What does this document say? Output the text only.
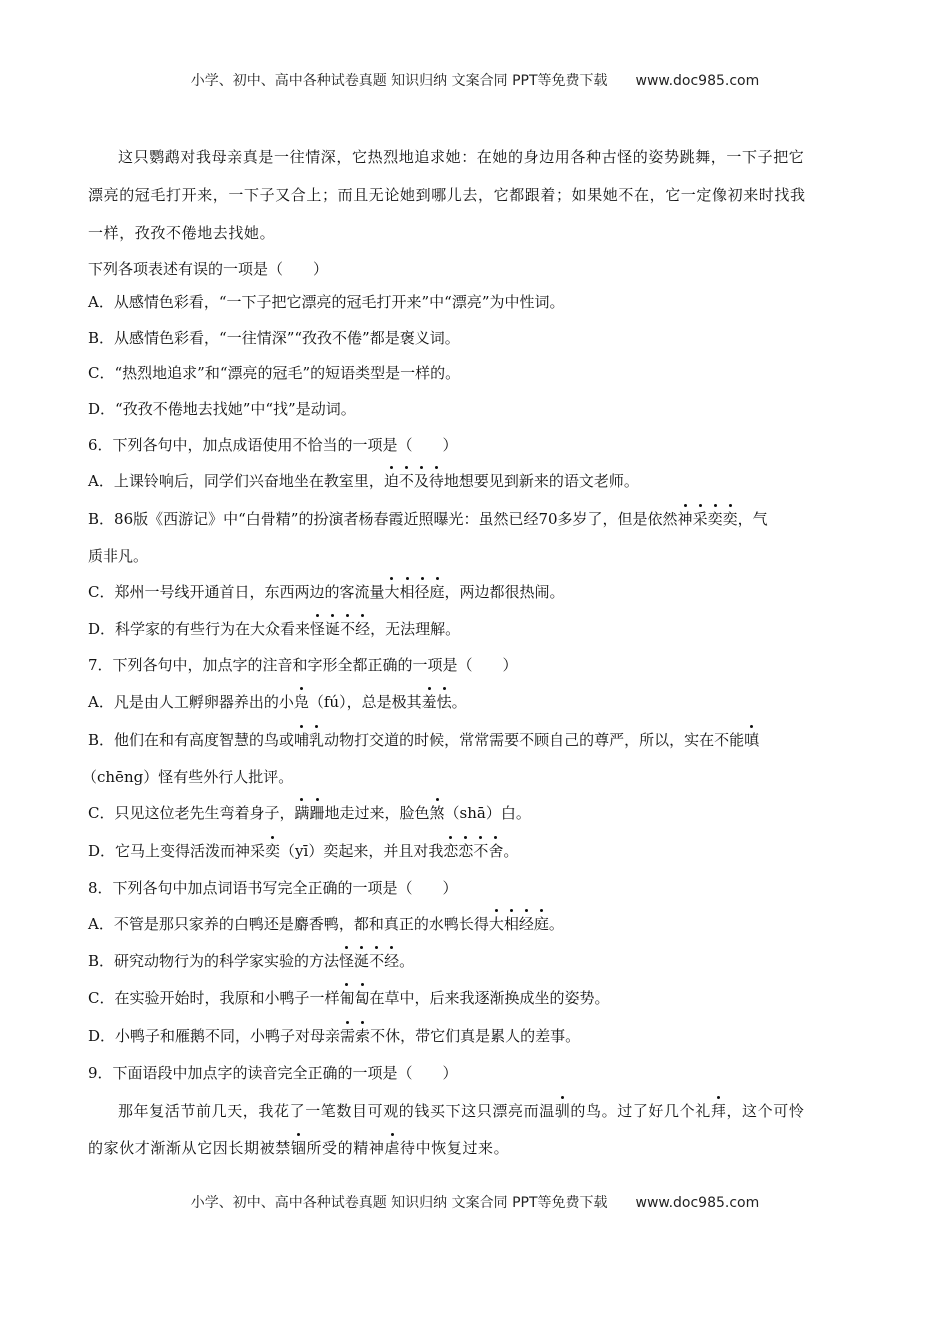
小学、初中、高中各种试卷真题 知识归纳 文案合同 PPT等免费下载 www.doc985.com
这只鹦鹉对我母亲真是一往情深，它热烈地追求她：在她的身边用各种古怪的姿势跳舞，一下子把它
漂亮的冠毛打开来，一下子又合上；而且无论她到哪儿去，它都跟着；如果她不在，它一定像初来时找我
一样，孜孜不倦地去找她。
下列各项表述有误的一项是（　　）
A．从感情色彩看，“一下子把它漂亮的冠毛打开来”中“漂亮”为中性词。
B．从感情色彩看，“一往情深”“孜孜不倦”都是褒义词。
C．“热烈地追求”和“漂亮的冠毛”的短语类型是一样的。
D．“孜孜不倦地去找她”中“找”是动词。
6．下列各句中，加点成语使用不恰当的一项是（　　）
A．上课铃响后，同学们兴奋地坐在教室里，迫不及待地想要见到新来的语文老师。
B．86版《西游记》中“白骨精”的扮演者杨春霞近照曝光：虽然已经70多岁了，但是依然神采奕奕，气
质非凡。
C．郑州一号线开通首日，东西两边的客流量大相径庭，两边都很热闹。
D．科学家的有些行为在大众看来怪诞不经，无法理解。
7．下列各句中，加点字的注音和字形全都正确的一项是（　　）
A．凡是由人工孵卵器养出的小凫（fú），总是极其羞怯。
B．他们在和有高度智慧的鸟或哺乳动物打交道的时候，常常需要不顾自己的尊严，所以，实在不能嗔
（chēng）怪有些外行人批评。
C．只见这位老先生弯着身子，蹒跚地走过来，脸色煞（shā）白。
D．它马上变得活泼而神采奕（yī）奕起来，并且对我恋恋不舍。
8．下列各句中加点词语书写完全正确的一项是（　　）
A．不管是那只家养的白鸭还是麝香鸭，都和真正的水鸭长得大相经庭。
B．研究动物行为的科学家实验的方法怪涎不经。
C．在实验开始时，我原和小鸭子一样匍匐在草中，后来我逐渐换成坐的姿势。
D．小鸭子和雁鹅不同，小鸭子对母亲需索不休，带它们真是累人的差事。
9．下面语段中加点字的读音完全正确的一项是（　　）
那年复活节前几天，我花了一笔数目可观的钱买下这只漂亮而温驯的鸟。过了好几个礼拜，这个可怜
的家伙才渐渐从它因长期被禁锢所受的精神虐待中恢复过来。
小学、初中、高中各种试卷真题 知识归纳 文案合同 PPT等免费下载 www.doc985.com
